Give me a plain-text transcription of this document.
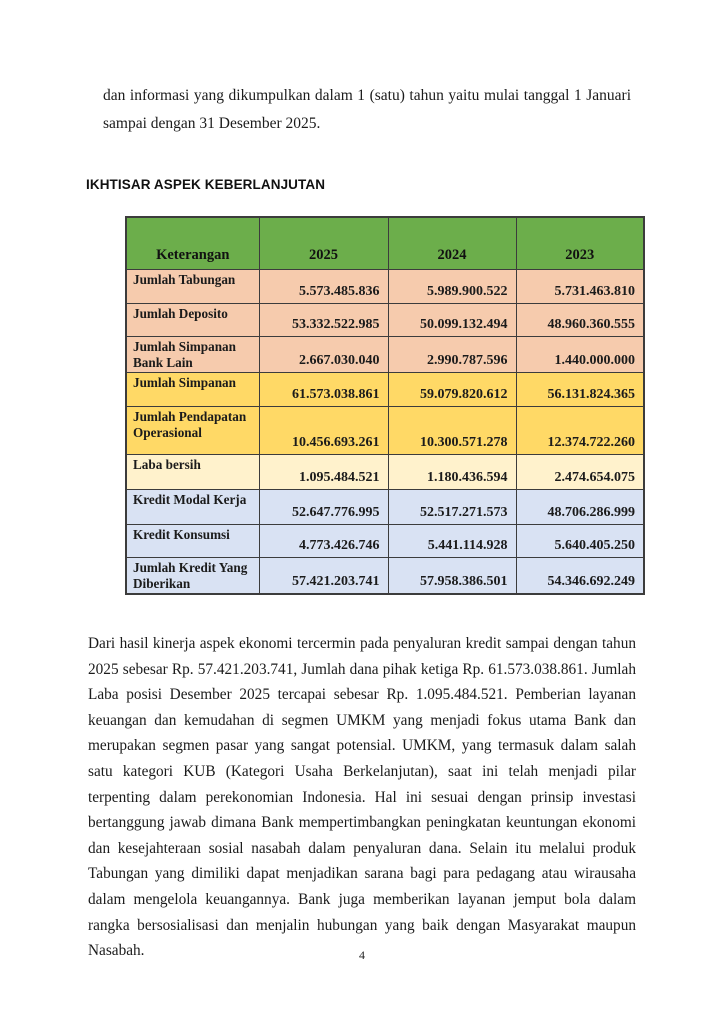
dan informasi yang dikumpulkan dalam 1 (satu) tahun yaitu mulai tanggal 1 Januari sampai dengan 31 Desember 2025.

IKHTISAR ASPEK KEBERLANJUTAN
Keterangan	2025	2024	2023
Jumlah Tabungan	5.573.485.836	5.989.900.522	5.731.463.810
Jumlah Deposito	53.332.522.985	50.099.132.494	48.960.360.555
Jumlah Simpanan Bank Lain	2.667.030.040	2.990.787.596	1.440.000.000
Jumlah Simpanan	61.573.038.861	59.079.820.612	56.131.824.365
Jumlah Pendapatan Operasional	10.456.693.261	10.300.571.278	12.374.722.260
Laba bersih	1.095.484.521	1.180.436.594	2.474.654.075
Kredit Modal Kerja	52.647.776.995	52.517.271.573	48.706.286.999
Kredit Konsumsi	4.773.426.746	5.441.114.928	5.640.405.250
Jumlah Kredit Yang Diberikan	57.421.203.741	57.958.386.501	54.346.692.249

Dari hasil kinerja aspek ekonomi tercermin pada penyaluran kredit sampai dengan tahun 2025 sebesar Rp. 57.421.203.741, Jumlah dana pihak ketiga Rp. 61.573.038.861. Jumlah Laba posisi Desember 2025 tercapai sebesar Rp. 1.095.484.521. Pemberian layanan keuangan dan kemudahan di segmen UMKM yang menjadi fokus utama Bank dan merupakan segmen pasar yang sangat potensial. UMKM, yang termasuk dalam salah satu kategori KUB (Kategori Usaha Berkelanjutan), saat ini telah menjadi pilar terpenting dalam perekonomian Indonesia. Hal ini sesuai dengan prinsip investasi bertanggung jawab dimana Bank mempertimbangkan peningkatan keuntungan ekonomi dan kesejahteraan sosial nasabah dalam penyaluran dana. Selain itu melalui produk Tabungan yang dimiliki dapat menjadikan sarana bagi para pedagang atau wirausaha dalam mengelola keuangannya. Bank juga memberikan layanan jemput bola dalam rangka bersosialisasi dan menjalin hubungan yang baik dengan Masyarakat maupun Nasabah.	4
